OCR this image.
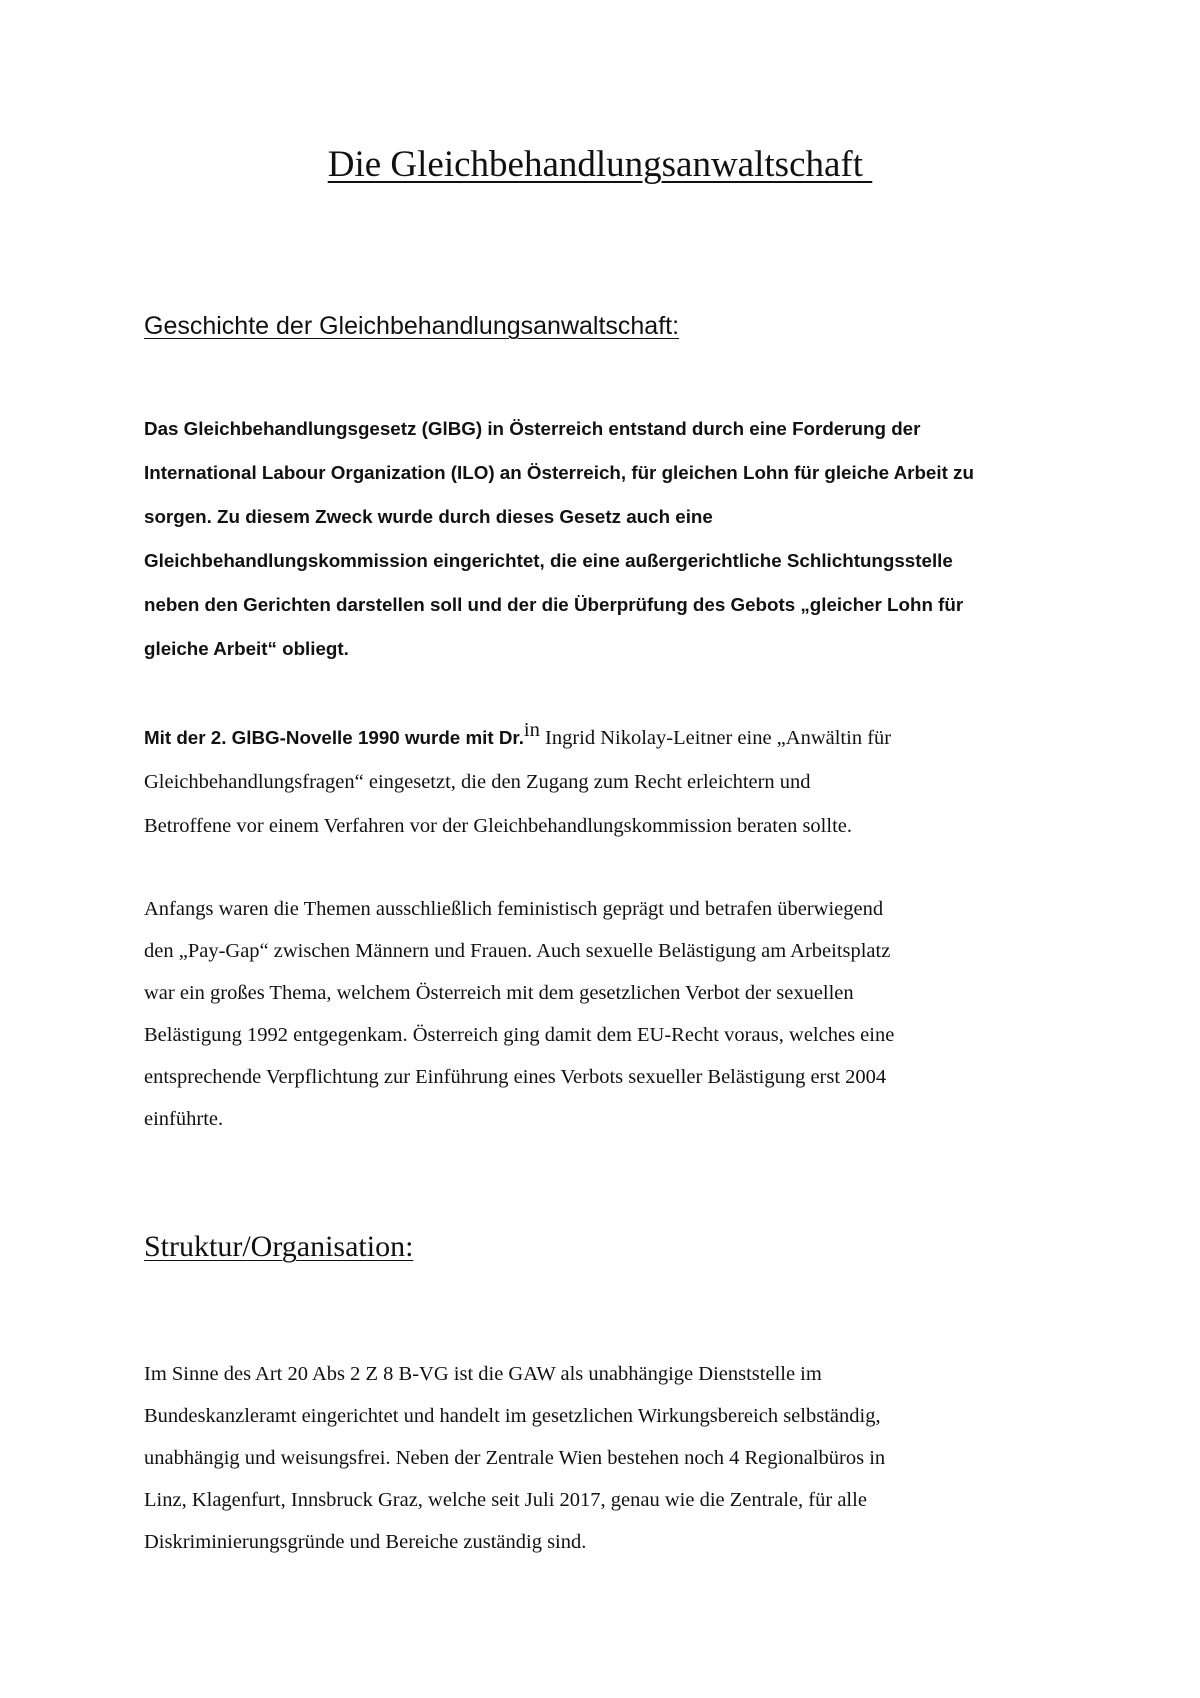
Die Gleichbehandlungsanwaltschaft
Geschichte der Gleichbehandlungsanwaltschaft:

Das Gleichbehandlungsgesetz (GlBG) in Österreich entstand durch eine Forderung der

International Labour Organization (ILO) an Österreich, für gleichen Lohn für gleiche Arbeit zu

sorgen. Zu diesem Zweck wurde durch dieses Gesetz auch eine

Gleichbehandlungskommission eingerichtet, die eine außergerichtliche Schlichtungsstelle

neben den Gerichten darstellen soll und der die Überprüfung des Gebots „gleicher Lohn für

gleiche Arbeit“ obliegt.

Mit der 2. GlBG-Novelle 1990 wurde mit Dr.$^{in}$ Ingrid Nikolay-Leitner eine „Anwältin für

Gleichbehandlungsfragen“ eingesetzt, die den Zugang zum Recht erleichtern und

Betroffene vor einem Verfahren vor der Gleichbehandlungskommission beraten sollte.

Anfangs waren die Themen ausschließlich feministisch geprägt und betrafen überwiegend

den „Pay-Gap“ zwischen Männern und Frauen. Auch sexuelle Belästigung am Arbeitsplatz

war ein großes Thema, welchem Österreich mit dem gesetzlichen Verbot der sexuellen

Belästigung 1992 entgegenkam. Österreich ging damit dem EU-Recht voraus, welches eine

entsprechende Verpflichtung zur Einführung eines Verbots sexueller Belästigung erst 2004

einführte.

Struktur/Organisation:

Im Sinne des Art 20 Abs 2 Z 8 B-VG ist die GAW als unabhängige Dienststelle im

Bundeskanzleramt eingerichtet und handelt im gesetzlichen Wirkungsbereich selbständig,

unabhängig und weisungsfrei. Neben der Zentrale Wien bestehen noch 4 Regionalbüros in

Linz, Klagenfurt, Innsbruck Graz, welche seit Juli 2017, genau wie die Zentrale, für alle

Diskriminierungsgründe und Bereiche zuständig sind.
